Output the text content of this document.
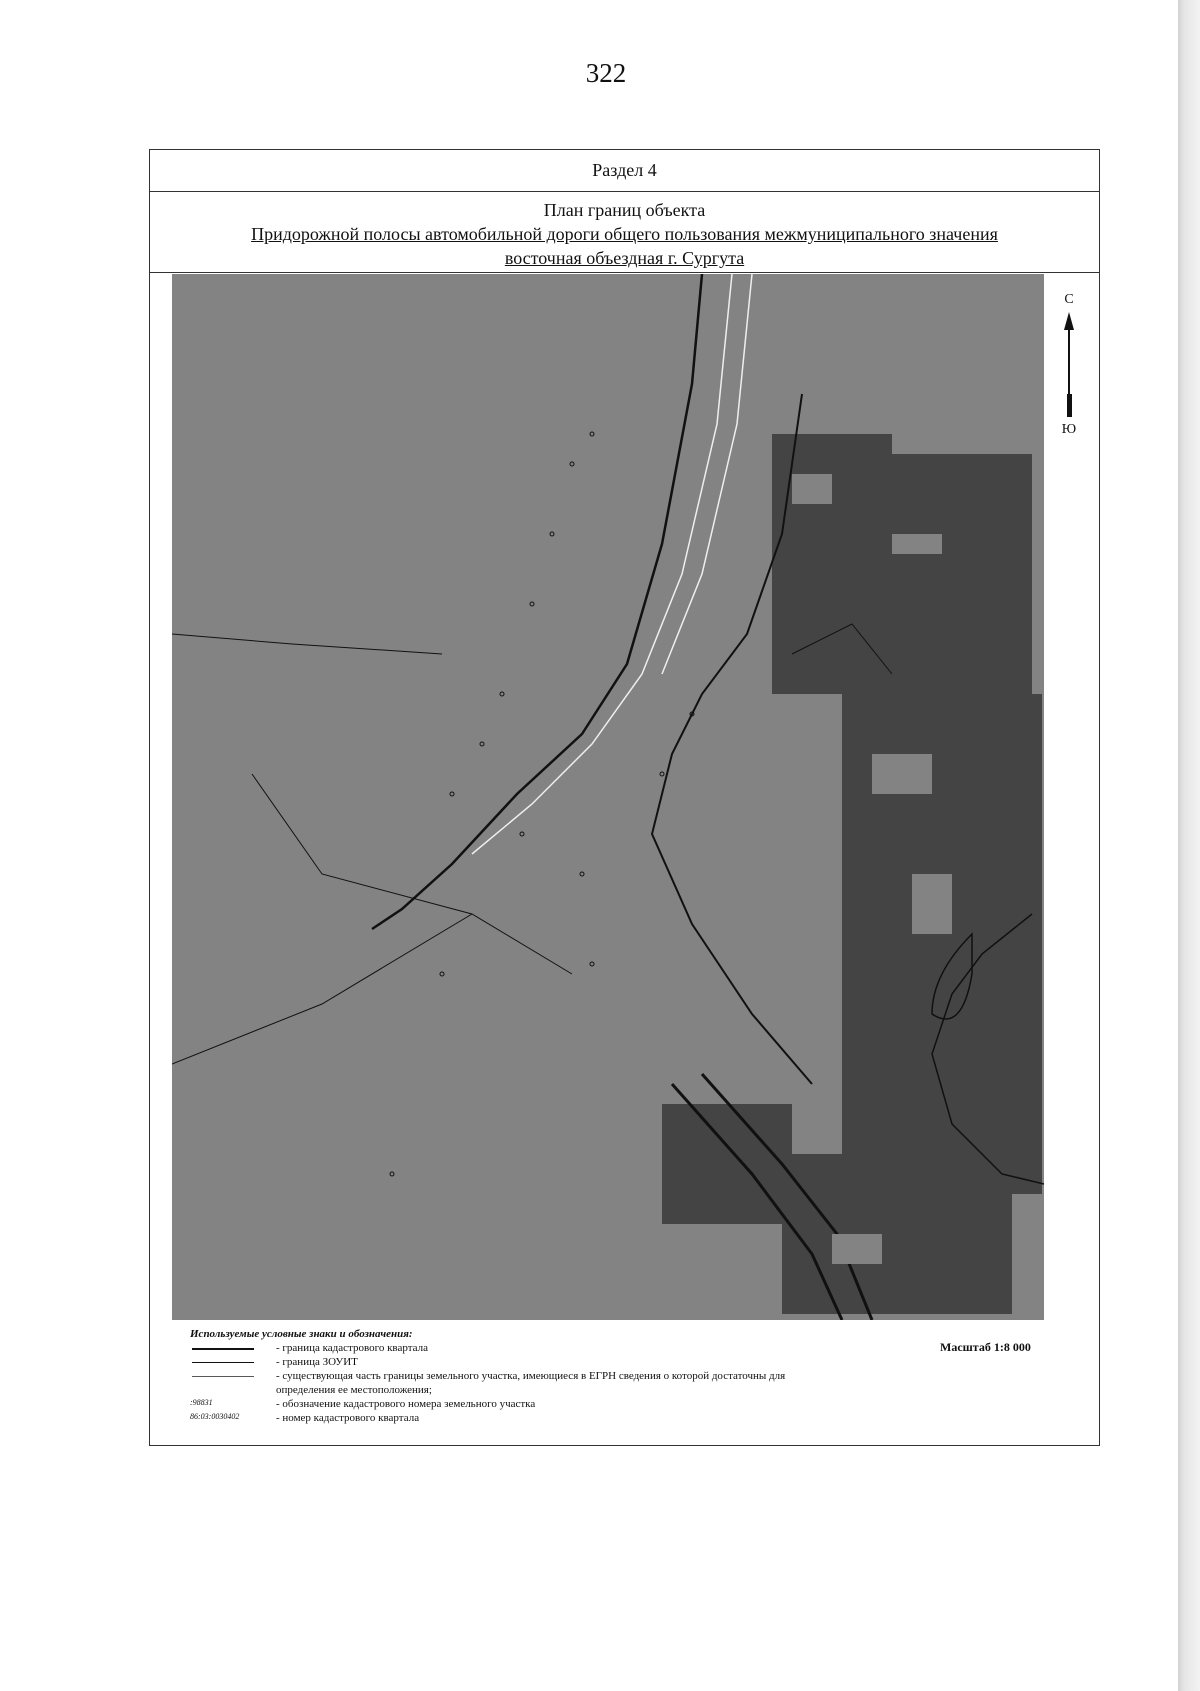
322
Раздел 4
План границ объекта
Придорожной полосы автомобильной дороги общего пользования межмуниципального значения
восточная объездная г. Сургута
С
Ю
Используемые условные знаки и обозначения:
- граница кадастрового квартала
- граница ЗОУИТ
- существующая часть границы земельного участка, имеющиеся в ЕГРН сведения о которой достаточны для определения ее местоположения;
:98831	- обозначение кадастрового номера земельного участка
86:03:0030402	- номер кадастрового квартала
Масштаб 1:8 000
